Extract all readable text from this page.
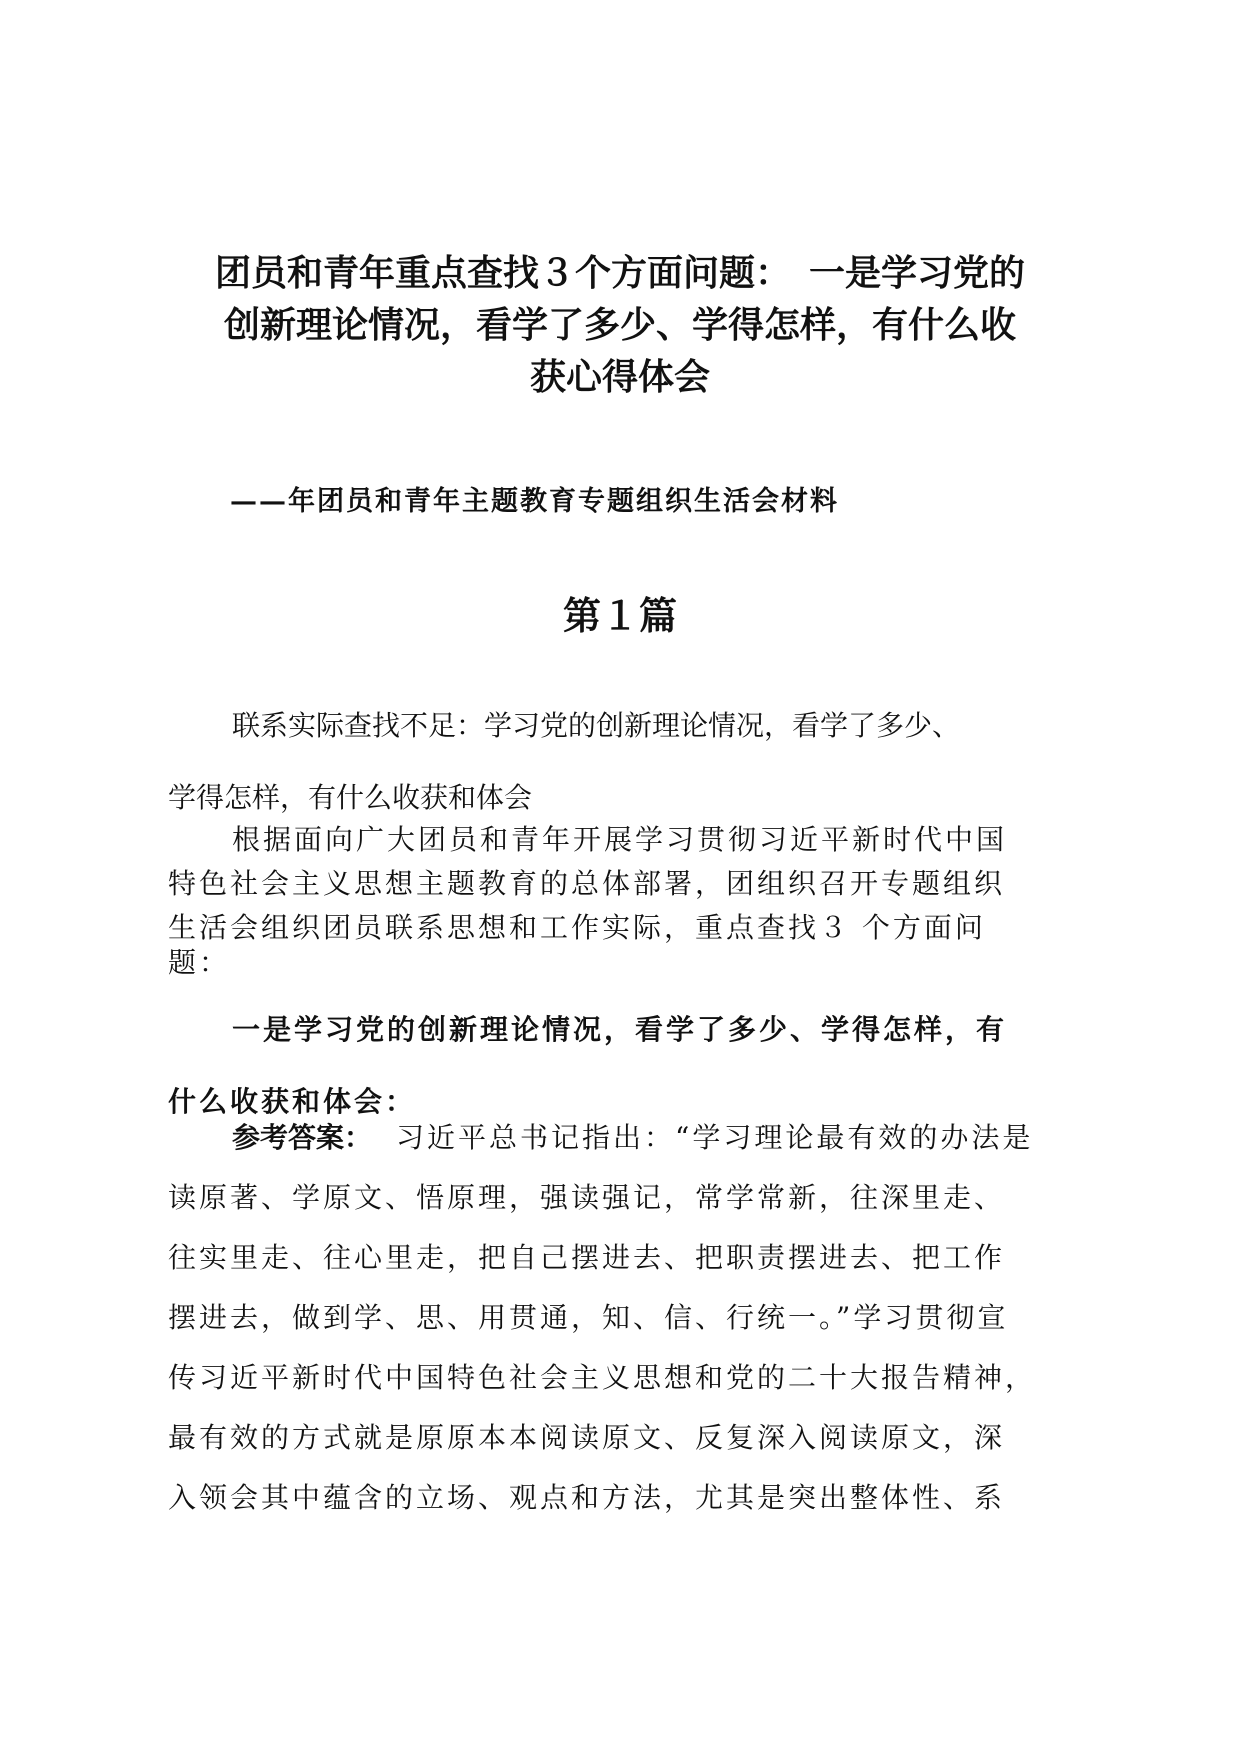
团员和青年重点查找３个方面问题：　一是学习党的
创新理论情况，看学了多少、学得怎样，有什么收
获心得体会
——年团员和青年主题教育专题组织生活会材料
第１篇
联系实际查找不足：学习党的创新理论情况，看学了多少、
学得怎样，有什么收获和体会
根据面向广大团员和青年开展学习贯彻习近平新时代中国
特色社会主义思想主题教育的总体部署，团组织召开专题组织
生活会组织团员联系思想和工作实际，重点查找３ 个方面问
题：
一是学习党的创新理论情况，看学了多少、学得怎样，有
什么收获和体会：
参考答案： 习近平总书记指出：“学习理论最有效的办法是
读原著、学原文、悟原理，强读强记，常学常新，往深里走、
往实里走、往心里走，把自己摆进去、把职责摆进去、把工作
摆进去，做到学、思、用贯通，知、信、行统一。”学习贯彻宣
传习近平新时代中国特色社会主义思想和党的二十大报告精神，
最有效的方式就是原原本本阅读原文、反复深入阅读原文，深
入领会其中蕴含的立场、观点和方法，尤其是突出整体性、系
